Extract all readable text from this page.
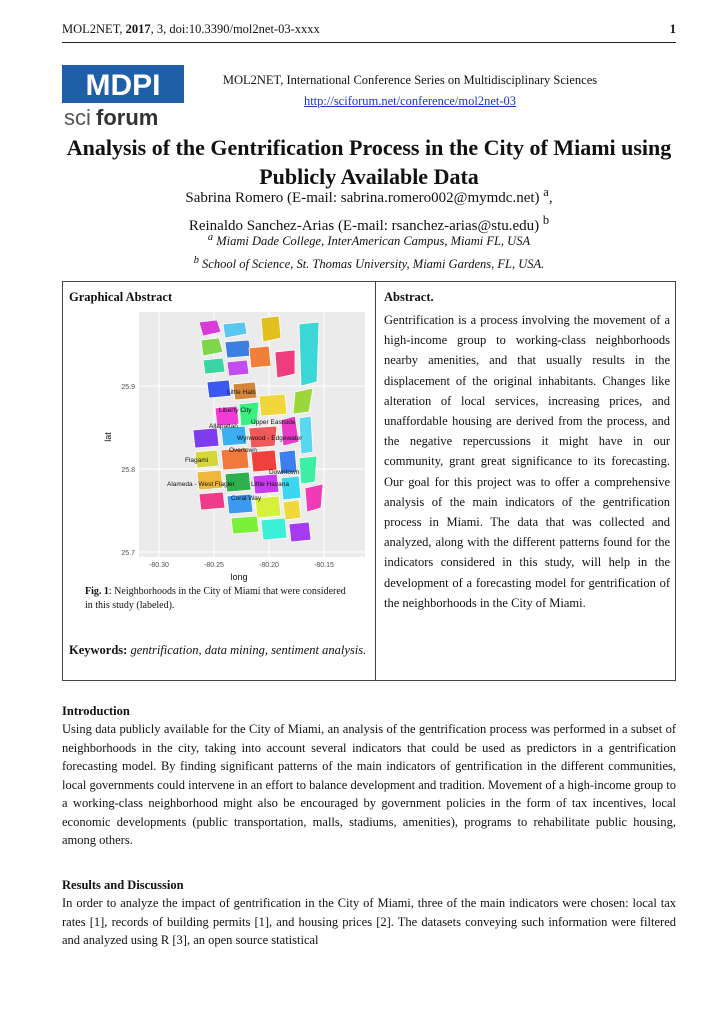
MOL2NET, 2017, 3, doi:10.3390/mol2net-03-xxxx	1
MDPI
sci forum
MOL2NET, International Conference Series on Multidisciplinary Sciences
http://sciforum.net/conference/mol2net-03
Analysis of the Gentrification Process in the City of Miami using Publicly Available Data
Sabrina Romero (E-mail: sabrina.romero002@mymdc.net) $^a$,
Reinaldo Sanchez-Arias (E-mail: rsanchez-arias@stu.edu) $^b$
$^a$ Miami Dade College, InterAmerican Campus, Miami FL, USA
$^b$ School of Science, St. Thomas University, Miami Gardens, FL, USA.
Graphical Abstract
Little Haiti
Liberty City
Upper Eastside
Allapattah
Wynwood - Edgewater
Overtown
Flagami
Downtown
Alameda - West Flagler Little Havana
Coral Way
25.9
25.8
25.7
-80.30	-80.25	-80.20	-80.15
long
lat
Fig. 1: Neighborhoods in the City of Miami that were considered in this study (labeled).
Keywords: gentrification, data mining, sentiment analysis.
Abstract.
Gentrification is a process involving the movement of a high-income group to working-class neighborhoods nearby amenities, and that usually results in the displacement of the original inhabitants. Changes like alteration of local services, increasing prices, and unaffordable housing are derived from the process, and the negative repercussions it might have in our community, grant great significance to its forecasting. Our goal for this project was to offer a comprehensive analysis of the main indicators of the gentrification process in Miami. The data that was collected and analyzed, along with the different patterns found for the indicators considered in this study, will help in the development of a forecasting model for gentrification of the neighborhoods in the City of Miami.
Introduction
Using data publicly available for the City of Miami, an analysis of the gentrification process was performed in a subset of neighborhoods in the city, taking into account several indicators that could be used as predictors in a gentrification forecasting model. By finding significant patterns of the main indicators of gentrification in the different communities, local governments could intervene in an effort to balance development and tradition. Movement of a high-income group to a working-class neighborhood might also be encouraged by government policies in the form of tax incentives, local economic developments (public transportation, malls, stadiums, amenities), programs to rehabilitate public housing, among others.
Results and Discussion
In order to analyze the impact of gentrification in the City of Miami, three of the main indicators were chosen: local tax rates [1], records of building permits [1], and housing prices [2]. The datasets conveying such information were filtered and analyzed using R [3], an open source statistical
